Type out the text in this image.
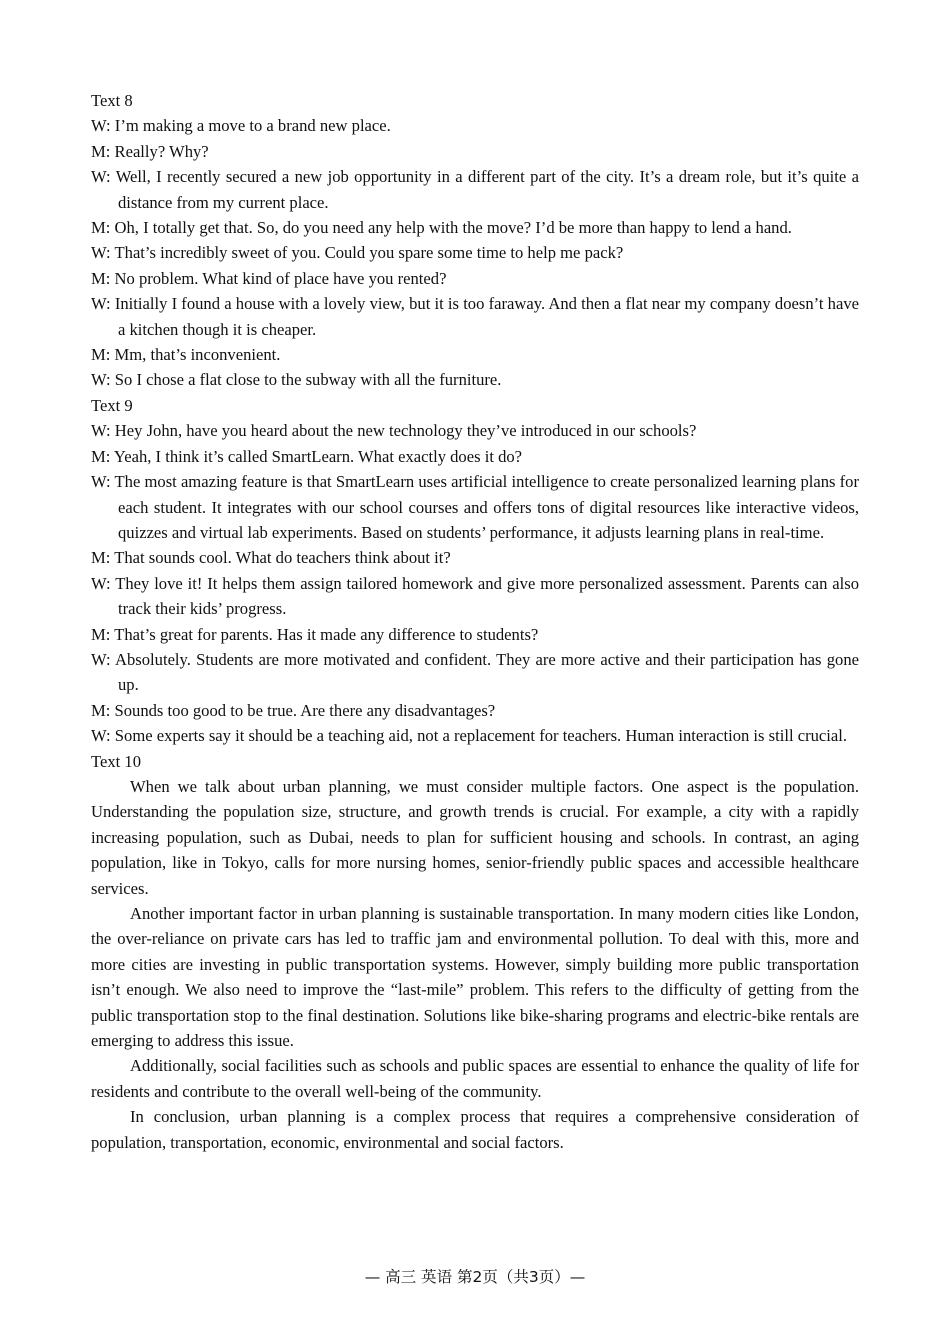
Text 8

W: I’m making a move to a brand new place.

M: Really? Why?

W: Well, I recently secured a new job opportunity in a different part of the city. It’s a dream role, but it’s quite a distance from my current place.

M: Oh, I totally get that. So, do you need any help with the move? I’d be more than happy to lend a hand.

W: That’s incredibly sweet of you. Could you spare some time to help me pack?

M: No problem. What kind of place have you rented?

W: Initially I found a house with a lovely view, but it is too faraway. And then a flat near my company doesn’t have a kitchen though it is cheaper.

M: Mm, that’s inconvenient.

W: So I chose a flat close to the subway with all the furniture.

Text 9

W: Hey John, have you heard about the new technology they’ve introduced in our schools?

M: Yeah, I think it’s called SmartLearn. What exactly does it do?

W: The most amazing feature is that SmartLearn uses artificial intelligence to create personalized learning plans for each student. It integrates with our school courses and offers tons of digital resources like interactive videos, quizzes and virtual lab experiments. Based on students’ performance, it adjusts learning plans in real-time.

M: That sounds cool. What do teachers think about it?

W: They love it! It helps them assign tailored homework and give more personalized assessment. Parents can also track their kids’ progress.

M: That’s great for parents. Has it made any difference to students?

W: Absolutely. Students are more motivated and confident. They are more active and their participation has gone up.

M: Sounds too good to be true. Are there any disadvantages?

W: Some experts say it should be a teaching aid, not a replacement for teachers. Human interaction is still crucial.

Text 10

When we talk about urban planning, we must consider multiple factors. One aspect is the population. Understanding the population size, structure, and growth trends is crucial. For example, a city with a rapidly increasing population, such as Dubai, needs to plan for sufficient housing and schools. In contrast, an aging population, like in Tokyo, calls for more nursing homes, senior-friendly public spaces and accessible healthcare services.

Another important factor in urban planning is sustainable transportation. In many modern cities like London, the over-reliance on private cars has led to traffic jam and environmental pollution. To deal with this, more and more cities are investing in public transportation systems. However, simply building more public transportation isn’t enough. We also need to improve the “last-mile” problem. This refers to the difficulty of getting from the public transportation stop to the final destination. Solutions like bike-sharing programs and electric-bike rentals are emerging to address this issue.

Additionally, social facilities such as schools and public spaces are essential to enhance the quality of life for residents and contribute to the overall well-being of the community.

In conclusion, urban planning is a complex process that requires a comprehensive consideration of population, transportation, economic, environmental and social factors.

— 高三 英语 第2页（共3页）—
